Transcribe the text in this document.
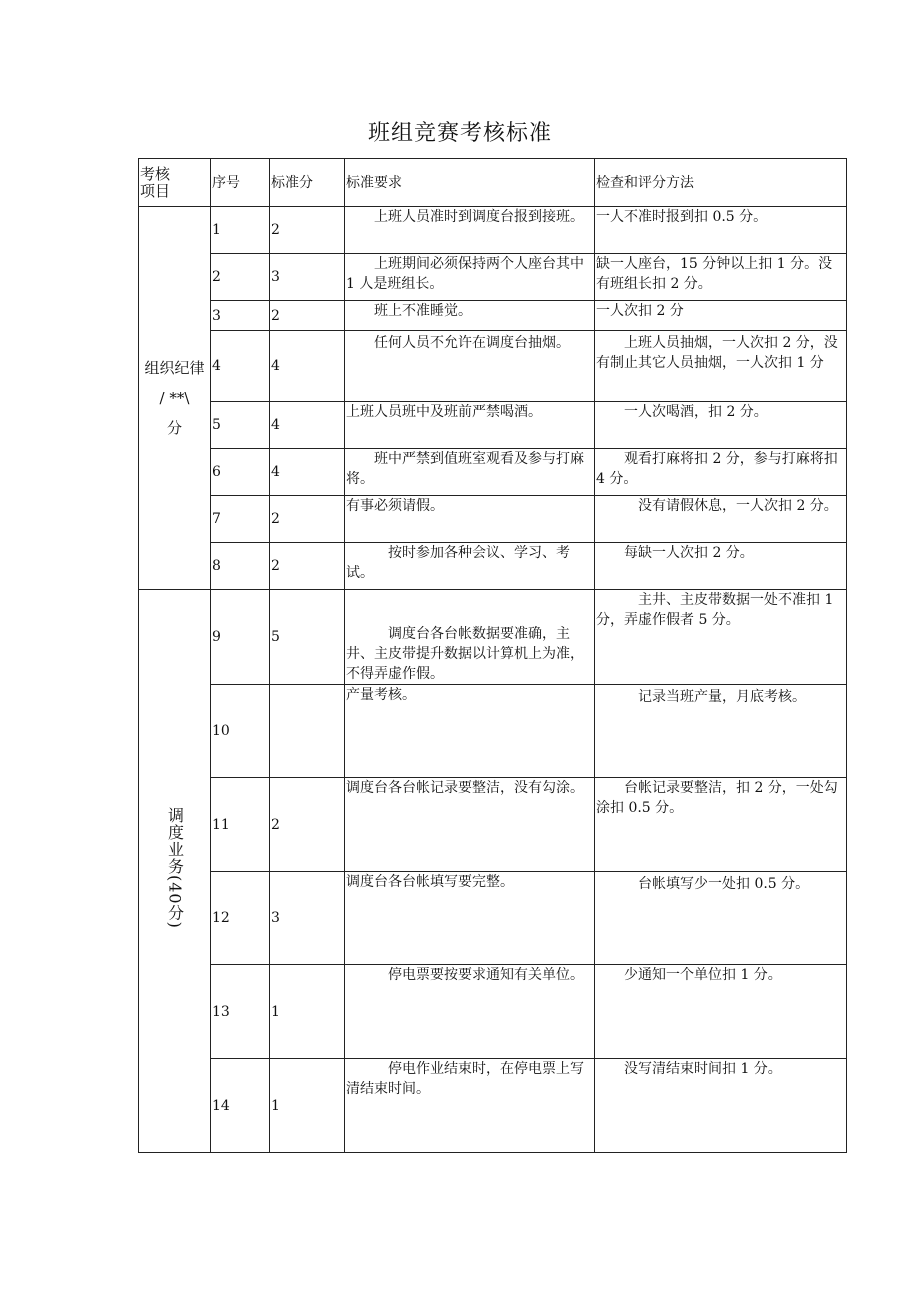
班组竞赛考核标准
考核
项目	序号	标准分	标准要求	检查和评分方法

组织纪律
/ **\
分	1	2	上班人员准时到调度台报到接班。	一人不准时报到扣 0.5 分。
	2	3	上班期间必须保持两个人座台其中 1 人是班组长。	缺一人座台，15 分钟以上扣 1 分。没有班组长扣 2 分。
	3	2	班上不准睡觉。	一人次扣 2 分
	4	4	任何人员不允许在调度台抽烟。	上班人员抽烟，一人次扣 2 分，没有制止其它人员抽烟，一人次扣 1 分
	5	4	上班人员班中及班前严禁喝酒。	一人次喝酒，扣 2 分。
	6	4	班中严禁到值班室观看及参与打麻将。	观看打麻将扣 2 分，参与打麻将扣 4 分。
	7	2	有事必须请假。	没有请假休息，一人次扣 2 分。
	8	2	按时参加各种会议、学习、考试。	每缺一人次扣 2 分。
调度业务(40分)	9	5	调度台各台帐数据要准确，主井、主皮带提升数据以计算机上为准，不得弄虚作假。	主井、主皮带数据一处不准扣 1 分，弄虚作假者 5 分。
	10		产量考核。	记录当班产量，月底考核。
	11	2	调度台各台帐记录要整洁，没有勾涂。	台帐记录要整洁，扣 2 分，一处勾涂扣 0.5 分。
	12	3	调度台各台帐填写要完整。	台帐填写少一处扣 0.5 分。
	13	1	停电票要按要求通知有关单位。	少通知一个单位扣 1 分。
	14	1	停电作业结束时，在停电票上写清结束时间。	没写清结束时间扣 1 分。
